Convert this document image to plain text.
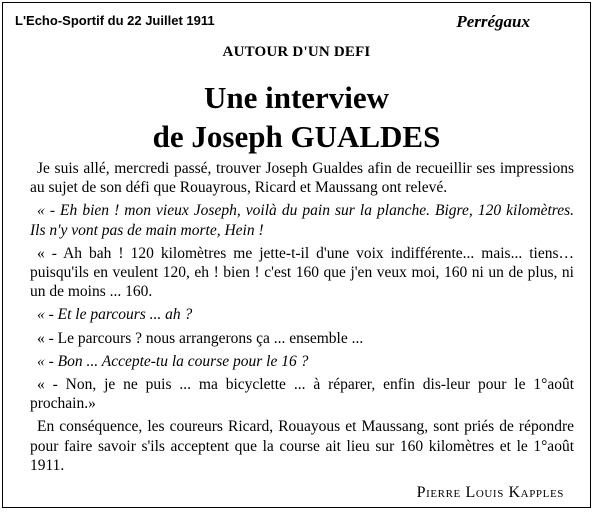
L'Echo-Sportif du 22 Juillet 1911	Perrégaux
AUTOUR D'UN DEFI
Une interview
de Joseph GUALDES

Je suis allé, mercredi passé, trouver Joseph Gualdes afin de recueillir ses impressions au sujet de son défi que Rouayrous, Ricard et Maussang ont relevé.

« - Eh bien ! mon vieux Joseph, voilà du pain sur la planche. Bigre, 120 kilomètres. Ils n'y vont pas de main morte, Hein !

« - Ah bah ! 120 kilomètres me jette-t-il d'une voix indifférente... mais... tiens… puisqu'ils en veulent 120, eh ! bien ! c'est 160 que j'en veux moi, 160 ni un de plus, ni un de moins ... 160.

« - Et le parcours ... ah ?

« - Le parcours ? nous arrangerons ça ... ensemble ...

« - Bon ... Accepte-tu la course pour le 16 ?

« - Non, je ne puis ... ma bicyclette ... à réparer, enfin dis-leur pour le 1°août prochain.»

En conséquence, les coureurs Ricard, Rouayous et Maussang, sont priés de répondre pour faire savoir s'ils acceptent que la course ait lieu sur 160 kilomètres et le 1°août 1911.

Pierre Louis Kapples
